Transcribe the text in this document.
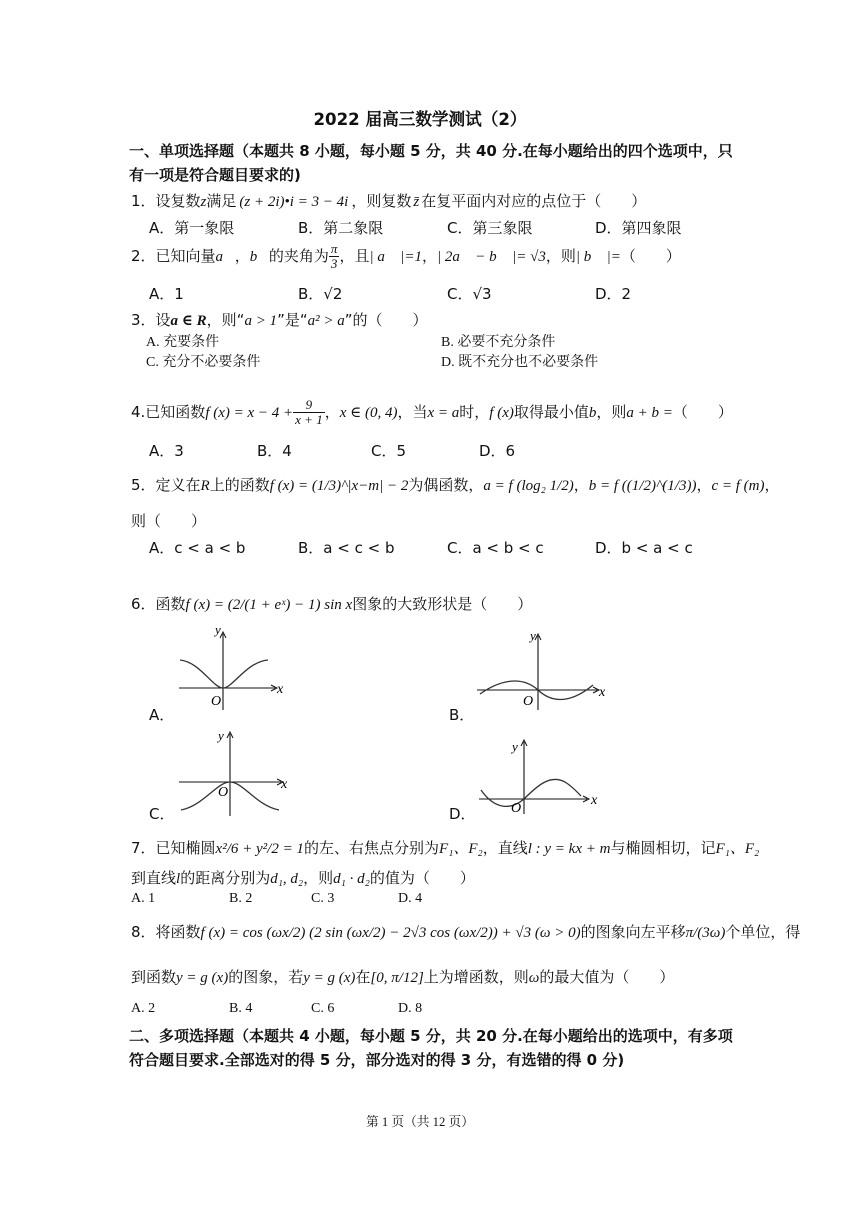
2022 届高三数学测试（2）
一、单项选择题（本题共 8 小题，每小题 5 分，共 40 分.在每小题给出的四个选项中，只
有一项是符合题目要求的)
1．设复数z满足 (z + 2i)•i = 3 − 4i ，则复数 z̄ 在复平面内对应的点位于（　　）
A．第一象限	B．第二象限	C．第三象限	D．第四象限
2．已知向量a⃗，b⃗的夹角为 $\frac{\pi}{3}$ ，且| a⃗ |=1，| 2a⃗ − b⃗ |= √3，则| b⃗ |=（　　）
A．1	B．√2	C．√3	D．2
3．设a ∈ R，则“a > 1”是“a² > a”的（　　）
A. 充要条件	B. 必要不充分条件
C. 充分不必要条件	D. 既不充分也不必要条件
4.已知函数f $(x) = x - 4 + \frac{9}{x + 1}$ ，x ∈ (0, 4)，当x = a时，f (x)取得最小值b，则a + b =（　　）
A．3	B．4	C．5	D．6
5．定义在R上的函数f (x) = (1/3)^|x−m| − 2为偶函数，a = f (log₂ 1/2)，b = f ((1/2)^(1/3))，c = f (m)，
则（　　）
A．c < a < b	B．a < c < b	C．a < b < c	D．b < a < c
6．函数f (x) = (2/(1 + eˣ) − 1) sin x图象的大致形状是（　　）
A．	B．
C．	D．
y
x
O
y
x
O
y
x
O
y
x
O
7．已知椭圆x²/6 + y²/2 = 1的左、右焦点分别为F₁、F₂，直线l : y = kx + m与椭圆相切，记F₁、F₂
到直线l的距离分别为d₁, d₂，则d₁ · d₂的值为（　　）
A. 1	B. 2	C. 3	D. 4
8．将函数f (x) = cos (ωx/2) (2 sin (ωx/2) − 2√3 cos (ωx/2)) + √3 (ω > 0)的图象向左平移π/(3ω)个单位，得
到函数y = g (x)的图象，若y = g (x)在[0, π/12]上为增函数，则ω的最大值为（　　）
A. 2	B. 4	C. 6	D. 8
二、多项选择题（本题共 4 小题，每小题 5 分，共 20 分.在每小题给出的选项中，有多项
符合题目要求.全部选对的得 5 分，部分选对的得 3 分，有选错的得 0 分)
第 1 页（共 12 页）
